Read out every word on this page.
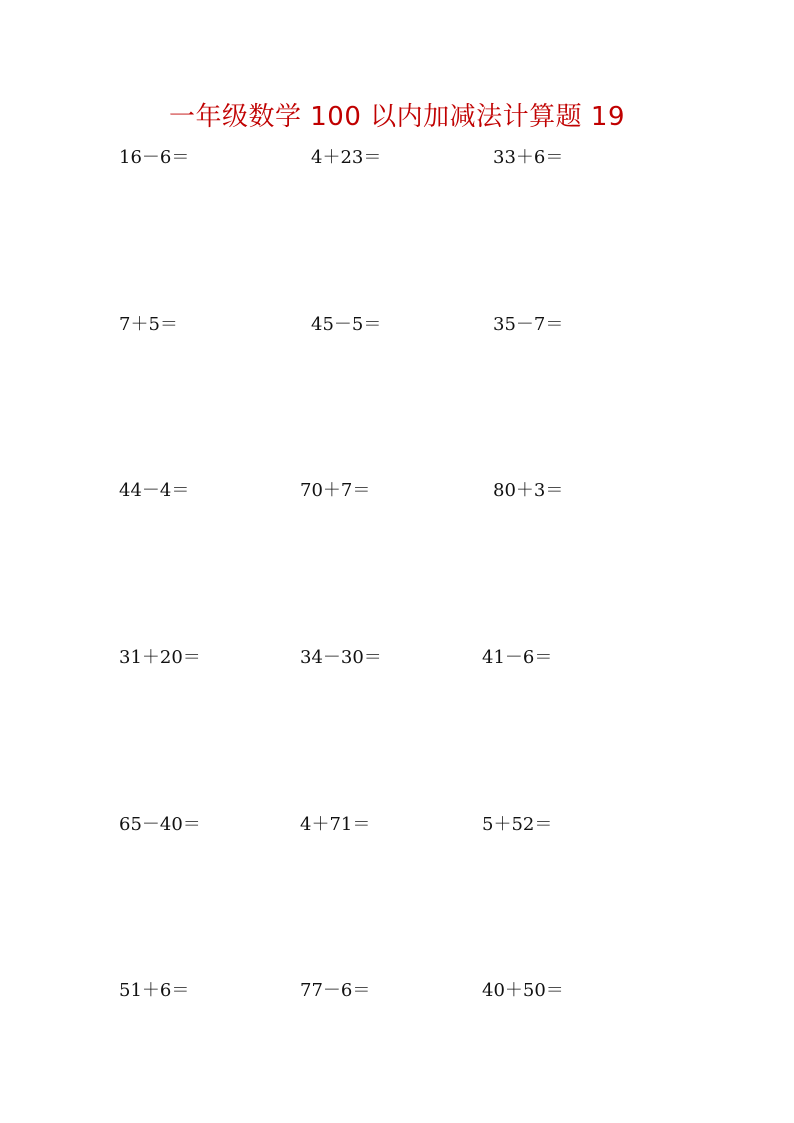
一年级数学 100 以内加减法计算题 19
16－6＝	4＋23＝	33＋6＝
7＋5＝	45－5＝	35－7＝
44－4＝	70＋7＝	80＋3＝
31＋20＝	34－30＝	41－6＝
65－40＝	4＋71＝	5＋52＝
51＋6＝	77－6＝	40＋50＝
